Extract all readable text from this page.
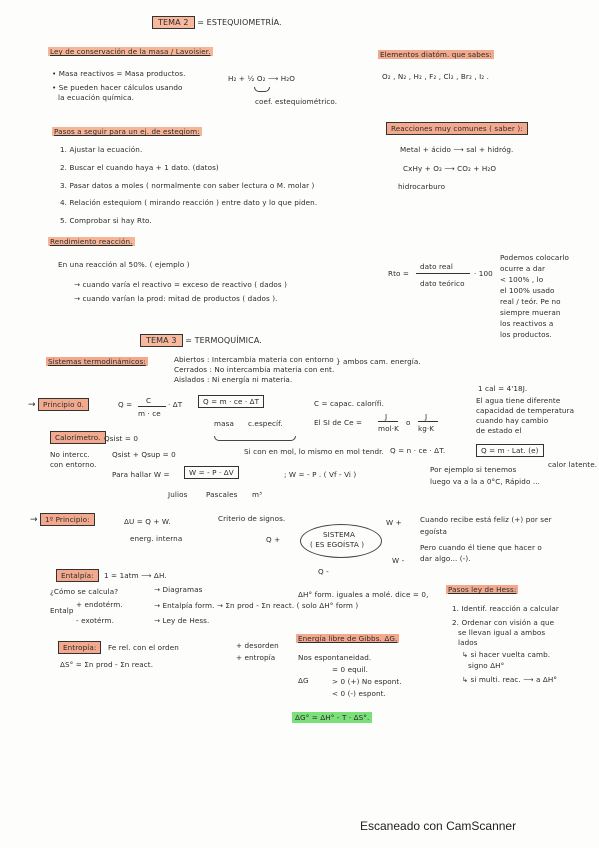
TEMA 2 = ESTEQUIOMETRÍA.
Ley de conservación de la masa / Lavoisier.
• Masa reactivos = Masa productos.
H₂ + ½ O₂ ⟶ H₂O
• Se pueden hacer cálculos usando
la ecuación química.	coef. estequiométrico.
Elementos diatóm. que sabes:
O₂ , N₂ , H₂ , F₂ , Cl₂ , Br₂ , I₂ .
Pasos a seguir para un ej. de esteqiom:
1. Ajustar la ecuación.
2. Buscar el cuando haya + 1 dato. (datos)
3. Pasar datos a moles ( normalmente con saber lectura o M. molar )
4. Relación estequiom ( mirando reacción ) entre dato y lo que piden.
5. Comprobar si hay Rto.
Reacciones muy comunes ( saber ):
Metal + ácido ⟶ sal + hidróg.
CxHy + O₂ ⟶ CO₂ + H₂O
hidrocarburo
Rendimiento reacción.
En una reacción al 50%. ( ejemplo )
→ cuando varía el reactivo = exceso de reactivo ( dados )
→ cuando varían la prod: mitad de productos ( dados ).
Rto =
dato real
dato teórico
· 100
Podemos colocarlo
ocurre a dar
< 100% , lo
el 100% usado
real / teór. Pe no
siempre mueran
los reactivos a
los productos.
TEMA 3 = TERMOQUÍMICA.
Sistemas termodinámicos:	Abiertos : Intercambia materia con entorno
Cerrados : No intercambia materia con ent.
Aislados : Ni energía ni materia.
} ambos cam. energía.
1 cal = 4'18J.
→ Principio 0.	Q = C
m · ce
· ΔT	Q = m · ce · ΔT
masa c.específ.
C = capac. calorífi.
El SI de Ce =
J
mol·K
o
J
kg·K
El agua tiene diferente
capacidad de temperatura
cuando hay cambio
de estado el
Calorímetro. Qsist = 0
No intercc.
con entorno.
Qsist + Qsup = 0	Si con en mol, lo mismo en mol tendr. Q = n · ce · ΔT.	Q = m · Lat. (e)
calor latente.
Para hallar W =	W = - P · ΔV	; W = - P . ( Vf - Vi )
Julios	Pascales m³
Por ejemplo si tenemos
luego va a la a 0°C, Rápido ...
→ 1º Principio:	ΔU = Q + W.
energ. interna
Criterio de signos.
SISTEMA
( ES EGOÍSTA )
Q +
W +
Q -
W -
Cuando recibe está feliz (+) por ser
egoísta
Pero cuando él tiene que hacer o
dar algo... (-).
Entalpía:	1 = 1atm ⟶ ΔH.
¿Cómo se calcula?	→ Diagramas
→ Entalpía form. → Σn prod - Σn react. ( solo ΔH° form )
→ Ley de Hess.
Entalp
+ endotérm.
- exotérm.
ΔH° form. iguales a molé. dice = 0,
Pasos ley de Hess:
1. Identif. reacción a calcular
2. Ordenar con visión a que
se llevan igual a ambos
lados
↳ si hacer vuelta camb.
signo ΔH°
↳ si multi. reac. ⟶ a ΔH°
Entropía:	Fe rel. con el orden
ΔS° = Σn prod - Σn react.
+ desorden
+ entropía
Energía libre de Gibbs. ΔG.
Nos espontaneidad.
ΔG
= 0 equil.
> 0 (+) No espont.
< 0 (-) espont.
ΔG° = ΔH° - T · ΔS°.
Escaneado con CamScanner
